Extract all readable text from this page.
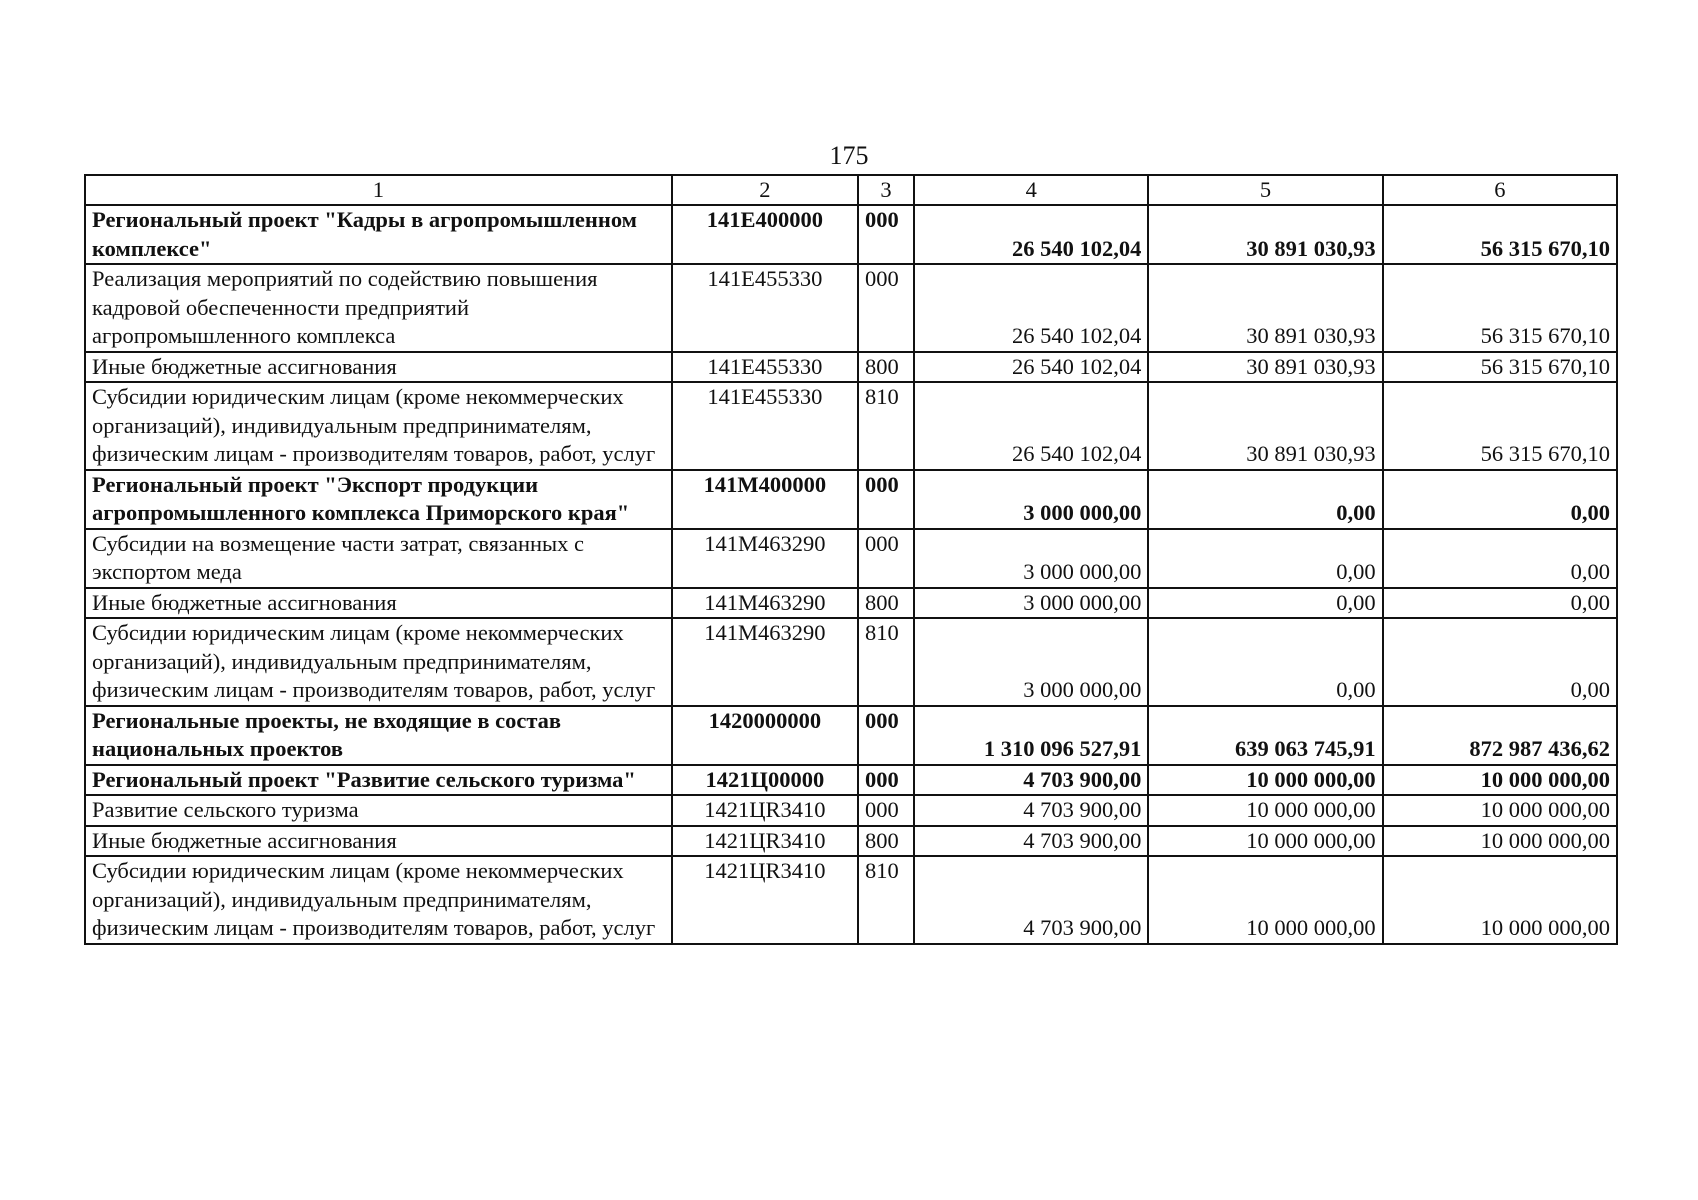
175
1	2	3	4	5	6
Региональный проект "Кадры в агропромышленном комплексе"	141Е400000	000	26 540 102,04	30 891 030,93	56 315 670,10
Реализация мероприятий по содействию повышения кадровой обеспеченности предприятий агропромышленного комплекса	141Е455330	000	26 540 102,04	30 891 030,93	56 315 670,10
Иные бюджетные ассигнования	141Е455330	800	26 540 102,04	30 891 030,93	56 315 670,10
Субсидии юридическим лицам (кроме некоммерческих организаций), индивидуальным предпринимателям, физическим лицам - производителям товаров, работ, услуг	141Е455330	810	26 540 102,04	30 891 030,93	56 315 670,10
Региональный проект "Экспорт продукции агропромышленного комплекса Приморского края"	141М400000	000	3 000 000,00	0,00	0,00
Субсидии на возмещение части затрат, связанных с экспортом меда	141М463290	000	3 000 000,00	0,00	0,00
Иные бюджетные ассигнования	141М463290	800	3 000 000,00	0,00	0,00
Субсидии юридическим лицам (кроме некоммерческих организаций), индивидуальным предпринимателям, физическим лицам - производителям товаров, работ, услуг	141М463290	810	3 000 000,00	0,00	0,00
Региональные проекты, не входящие в состав национальных проектов	1420000000	000	1 310 096 527,91	639 063 745,91	872 987 436,62
Региональный проект "Развитие сельского туризма"	1421Ц00000	000	4 703 900,00	10 000 000,00	10 000 000,00
Развитие сельского туризма	1421ЦR3410	000	4 703 900,00	10 000 000,00	10 000 000,00
Иные бюджетные ассигнования	1421ЦR3410	800	4 703 900,00	10 000 000,00	10 000 000,00
Субсидии юридическим лицам (кроме некоммерческих организаций), индивидуальным предпринимателям, физическим лицам - производителям товаров, работ, услуг	1421ЦR3410	810	4 703 900,00	10 000 000,00	10 000 000,00
